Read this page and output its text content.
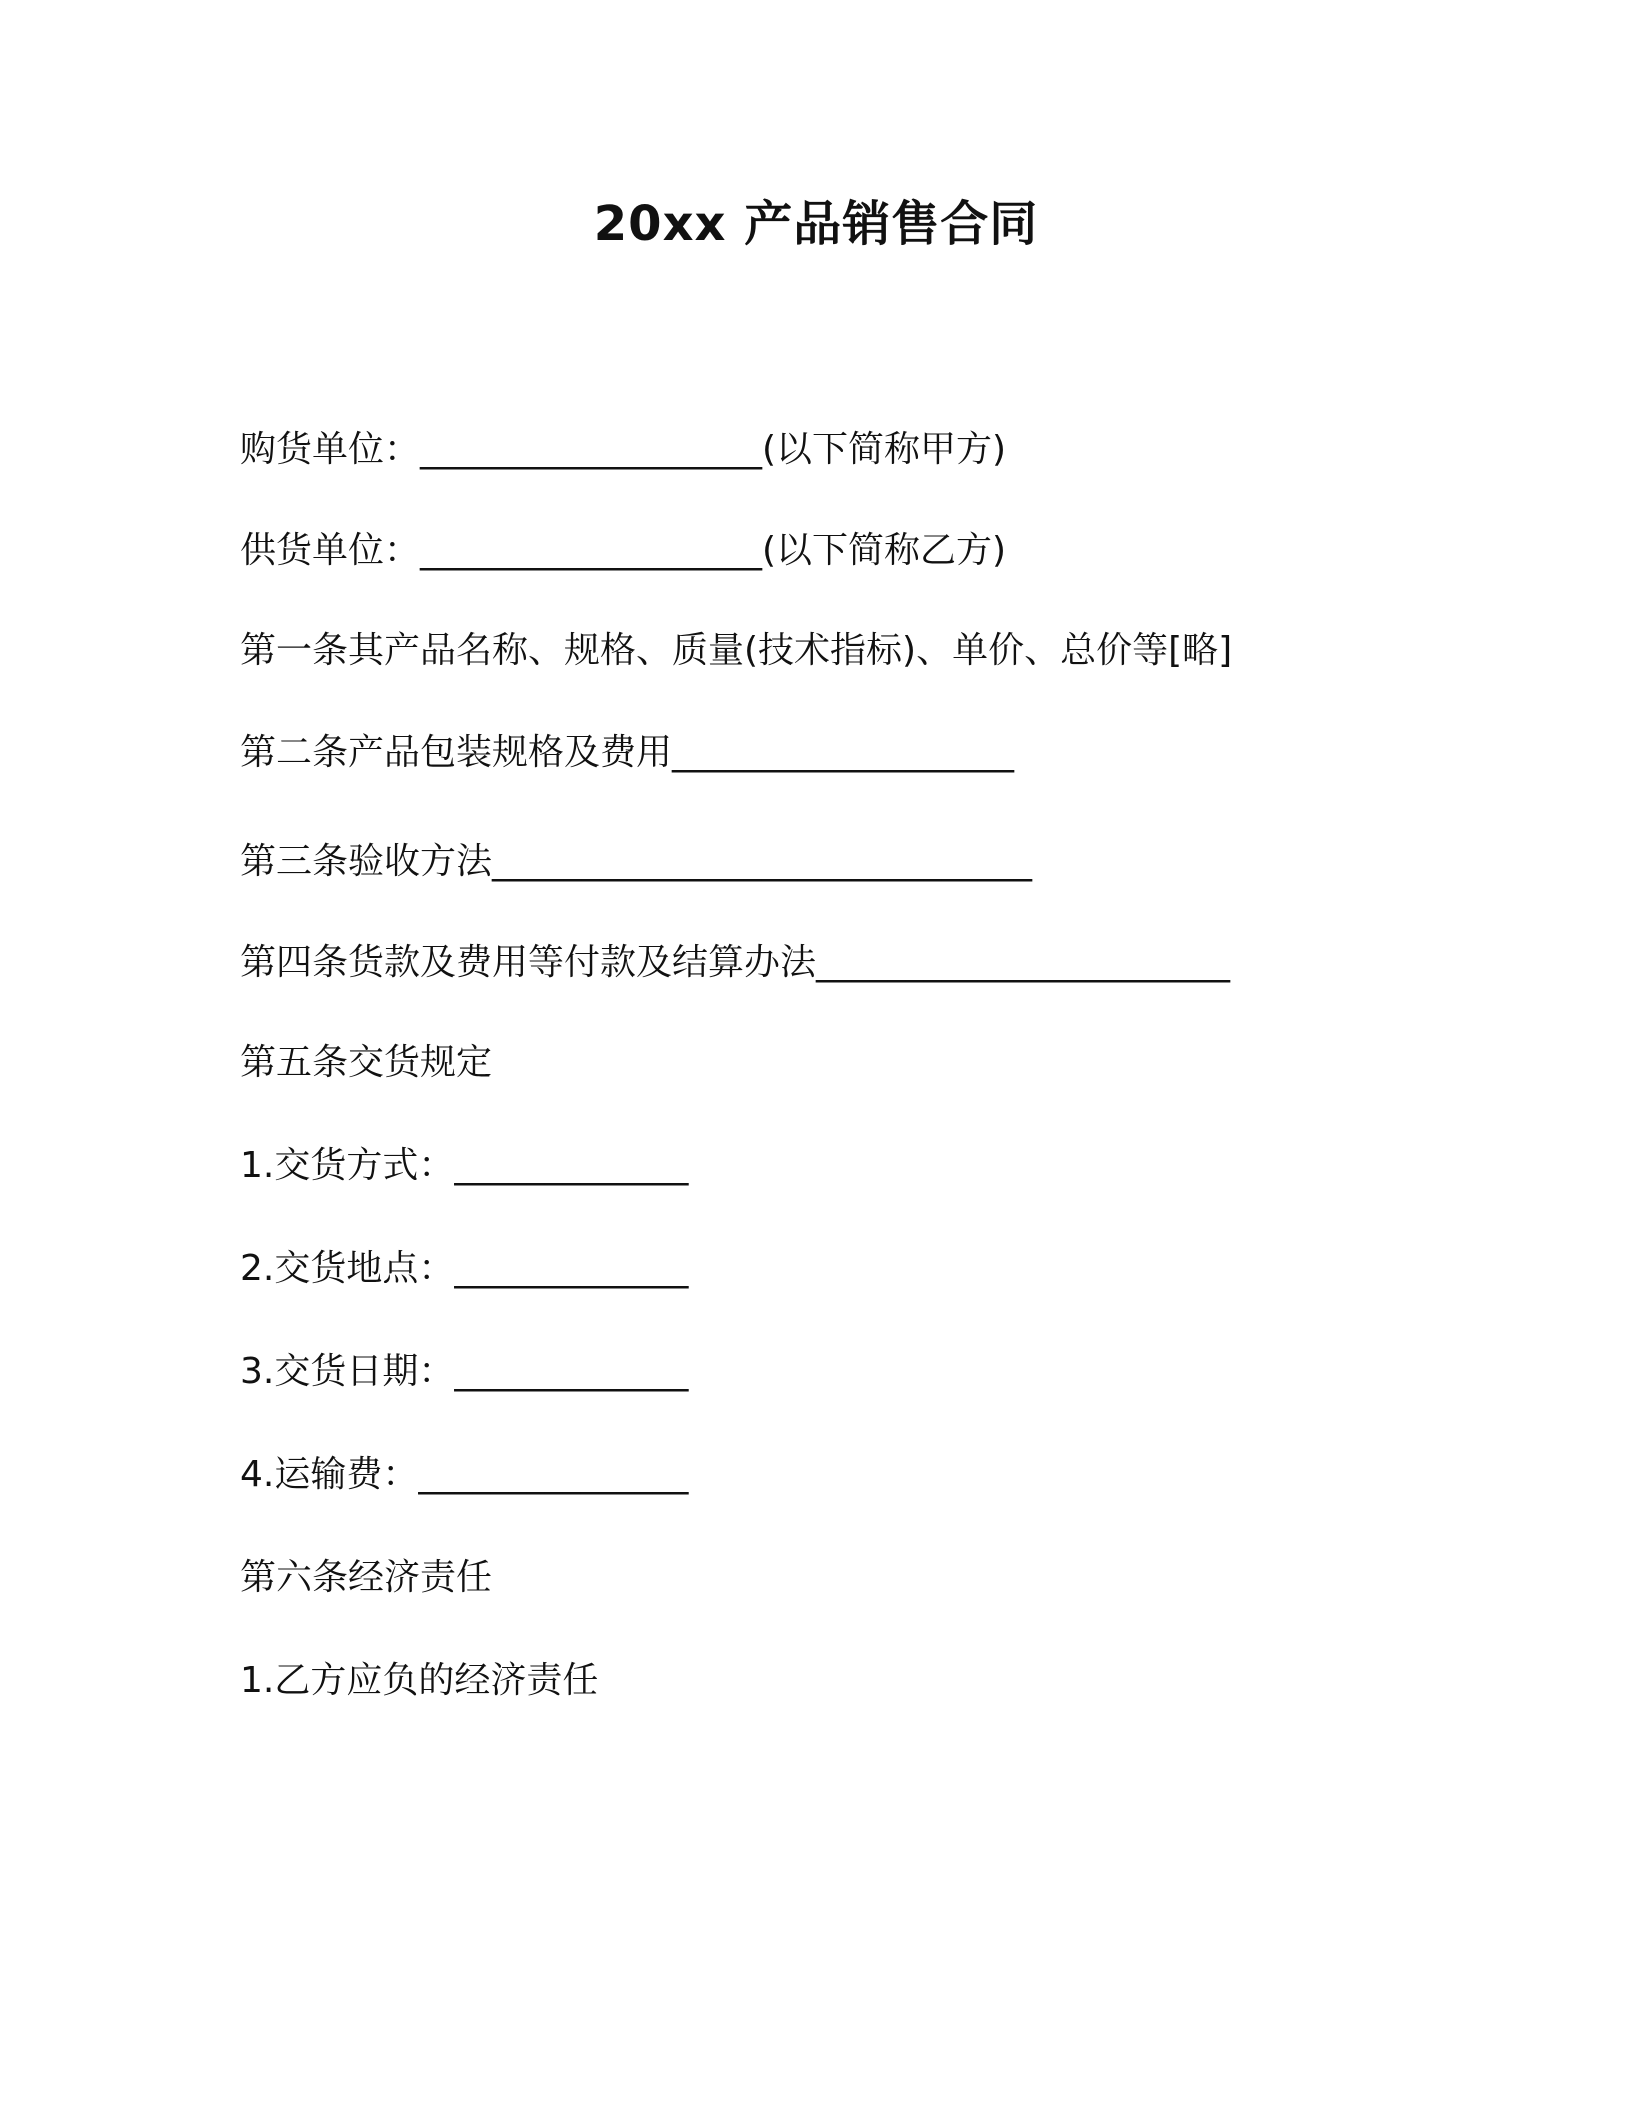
20xx 产品销售合同
购货单位：___________________(以下简称甲方)
供货单位：___________________(以下简称乙方)
第一条其产品名称、规格、质量(技术指标)、单价、总价等[略]
第二条产品包装规格及费用___________________
第三条验收方法______________________________
第四条货款及费用等付款及结算办法_______________________
第五条交货规定
1.交货方式：_____________
2.交货地点：_____________
3.交货日期：_____________
4.运输费：_______________
第六条经济责任
1.乙方应负的经济责任
